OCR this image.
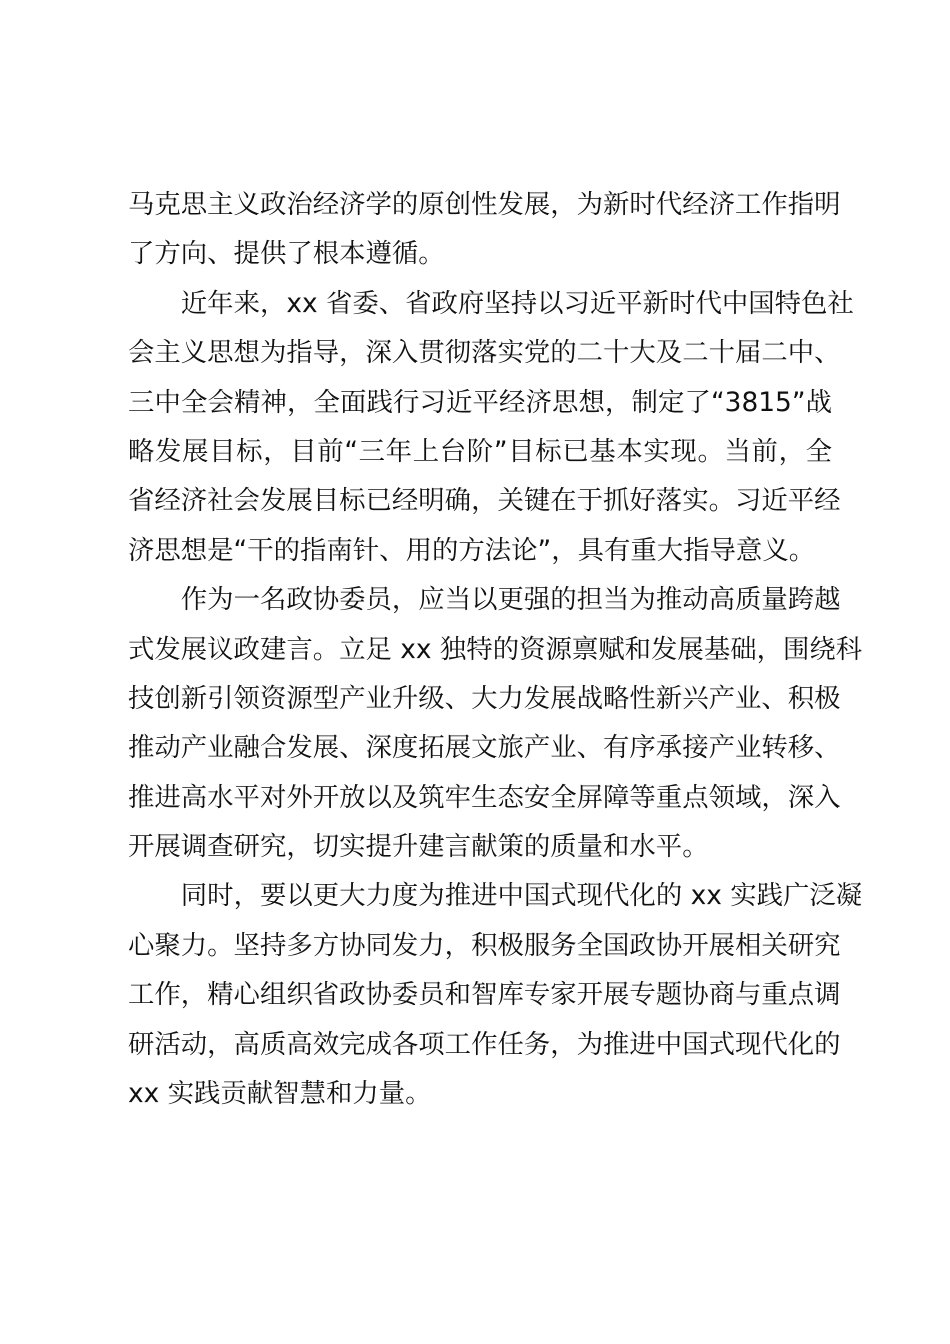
马克思主义政治经济学的原创性发展，为新时代经济工作指明
了方向、提供了根本遵循。
近年来，xx 省委、省政府坚持以习近平新时代中国特色社
会主义思想为指导，深入贯彻落实党的二十大及二十届二中、
三中全会精神，全面践行习近平经济思想，制定了“3815”战
略发展目标，目前“三年上台阶”目标已基本实现。当前，全
省经济社会发展目标已经明确，关键在于抓好落实。习近平经
济思想是“干的指南针、用的方法论”，具有重大指导意义。
作为一名政协委员，应当以更强的担当为推动高质量跨越
式发展议政建言。立足 xx 独特的资源禀赋和发展基础，围绕科
技创新引领资源型产业升级、大力发展战略性新兴产业、积极
推动产业融合发展、深度拓展文旅产业、有序承接产业转移、
推进高水平对外开放以及筑牢生态安全屏障等重点领域，深入
开展调查研究，切实提升建言献策的质量和水平。
同时，要以更大力度为推进中国式现代化的 xx 实践广泛凝
心聚力。坚持多方协同发力，积极服务全国政协开展相关研究
工作，精心组织省政协委员和智库专家开展专题协商与重点调
研活动，高质高效完成各项工作任务，为推进中国式现代化的
xx 实践贡献智慧和力量。
